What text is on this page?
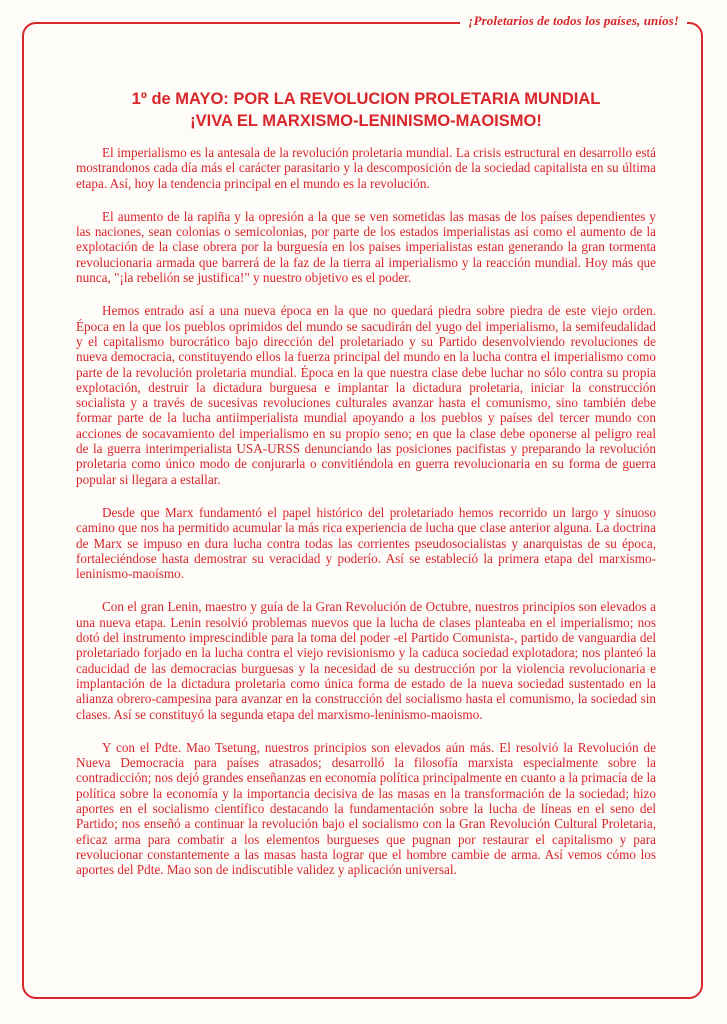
¡Proletarios de todos los países, uníos!
1º de MAYO: POR LA REVOLUCION PROLETARIA MUNDIAL
¡VIVA EL MARXISMO-LENINISMO-MAOISMO!

El imperialismo es la antesala de la revolución proletaria mundial. La crisis estructural en desarrollo está mostrandonos cada día más el carácter parasitario y la descomposición de la sociedad capitalista en su última etapa. Así, hoy la tendencia principal en el mundo es la revolución.

El aumento de la rapiña y la opresión a la que se ven sometidas las masas de los países dependientes y las naciones, sean colonias o semicolonias, por parte de los estados imperialistas así como el aumento de la explotación de la clase obrera por la burguesía en los paises imperialistas estan generando la gran tormenta revolucionaria armada que barrerá de la faz de la tierra al imperialismo y la reacción mundial. Hoy más que nunca, "¡la rebelión se justifica!" y nuestro objetivo es el poder.

Hemos entrado así a una nueva época en la que no quedará piedra sobre piedra de este viejo orden. Época en la que los pueblos oprimidos del mundo se sacudirán del yugo del imperialismo, la semifeudalidad y el capitalismo burocrático bajo dirección del proletariado y su Partido desenvolviendo revoluciones de nueva democracia, constituyendo ellos la fuerza principal del mundo en la lucha contra el imperialismo como parte de la revolución proletaria mundial. Época en la que nuestra clase debe luchar no sólo contra su propia explotación, destruir la dictadura burguesa e implantar la dictadura proletaria, iniciar la construcción socialista y a través de sucesivas revoluciones culturales avanzar hasta el comunismo, sino también debe formar parte de la lucha antiimperialista mundial apoyando a los pueblos y países del tercer mundo con acciones de socavamiento del imperialismo en su propio seno; en que la clase debe oponerse al peligro real de la guerra interimperialista USA-URSS denunciando las posiciones pacifistas y preparando la revolución proletaria como único modo de conjurarla o convitiéndola en guerra revolucionaria en su forma de guerra popular si llegara a estallar.

Desde que Marx fundamentó el papel histórico del proletariado hemos recorrido un largo y sinuoso camino que nos ha permitido acumular la más rica experiencia de lucha que clase anterior alguna. La doctrina de Marx se impuso en dura lucha contra todas las corrientes pseudosocialistas y anarquistas de su época, fortaleciéndose hasta demostrar su veracidad y poderío. Así se estableció la primera etapa del marxismo-leninismo-maoísmo.

Con el gran Lenin, maestro y guía de la Gran Revolución de Octubre, nuestros principios son elevados a una nueva etapa. Lenin resolvió problemas nuevos que la lucha de clases planteaba en el imperialismo; nos dotó del instrumento imprescindible para la toma del poder -el Partido Comunista-, partido de vanguardia del proletariado forjado en la lucha contra el viejo revisionismo y la caduca sociedad explotadora; nos planteó la caducidad de las democracias burguesas y la necesidad de su destrucción por la violencia revolucionaria e implantación de la dictadura proletaria como única forma de estado de la nueva sociedad sustentado en la alianza obrero-campesina para avanzar en la construcción del socialismo hasta el comunismo, la sociedad sin clases. Así se constituyó la segunda etapa del marxismo-leninismo-maoismo.

Y con el Pdte. Mao Tsetung, nuestros principios son elevados aún más. El resolvió la Revolución de Nueva Democracia para países atrasados; desarrolló la filosofía marxista especialmente sobre la contradicción; nos dejó grandes enseñanzas en economía política principalmente en cuanto a la primacía de la política sobre la economía y la importancia decisiva de las masas en la transformación de la sociedad; hizo aportes en el socialismo científico destacando la fundamentación sobre la lucha de líneas en el seno del Partido; nos enseñó a continuar la revolución bajo el socialismo con la Gran Revolución Cultural Proletaria, eficaz arma para combatir a los elementos burgueses que pugnan por restaurar el capitalismo y para revolucionar constantemente a las masas hasta lograr que el hombre cambie de arma. Así vemos cómo los aportes del Pdte. Mao son de indiscutible validez y aplicación universal.
